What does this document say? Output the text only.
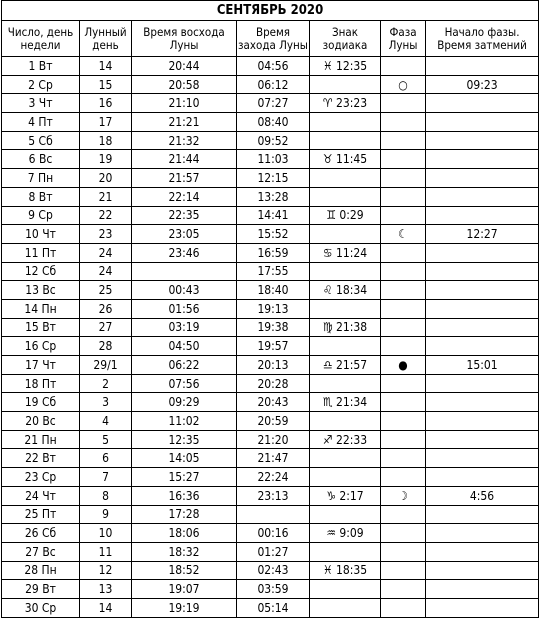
СЕНТЯБРЬ 2020						
Число, день недели	Лунный день	Время восхода Луны	Время захода Луны	Знак зодиака	Фаза Луны	Начало фазы. Время затмений
1 Вт	14	20:44	04:56	♓ 12:35		
2 Ср	15	20:58	06:12		○	09:23
3 Чт	16	21:10	07:27	♈ 23:23		
4 Пт	17	21:21	08:40			
5 Сб	18	21:32	09:52			
6 Вс	19	21:44	11:03	♉ 11:45		
7 Пн	20	21:57	12:15			
8 Вт	21	22:14	13:28			
9 Ср	22	22:35	14:41	♊ 0:29		
10 Чт	23	23:05	15:52		☾	12:27
11 Пт	24	23:46	16:59	♋ 11:24		
12 Сб	24		17:55			
13 Вс	25	00:43	18:40	♌ 18:34		
14 Пн	26	01:56	19:13			
15 Вт	27	03:19	19:38	♍ 21:38		
16 Ср	28	04:50	19:57			
17 Чт	29/1	06:22	20:13	♎ 21:57	●	15:01
18 Пт	2	07:56	20:28			
19 Сб	3	09:29	20:43	♏ 21:34		
20 Вс	4	11:02	20:59			
21 Пн	5	12:35	21:20	♐ 22:33		
22 Вт	6	14:05	21:47			
23 Ср	7	15:27	22:24			
24 Чт	8	16:36	23:13	♑ 2:17	☽	4:56
25 Пт	9	17:28				
26 Сб	10	18:06	00:16	♒ 9:09		
27 Вс	11	18:32	01:27			
28 Пн	12	18:52	02:43	♓ 18:35		
29 Вт	13	19:07	03:59			
30 Ср	14	19:19	05:14			
